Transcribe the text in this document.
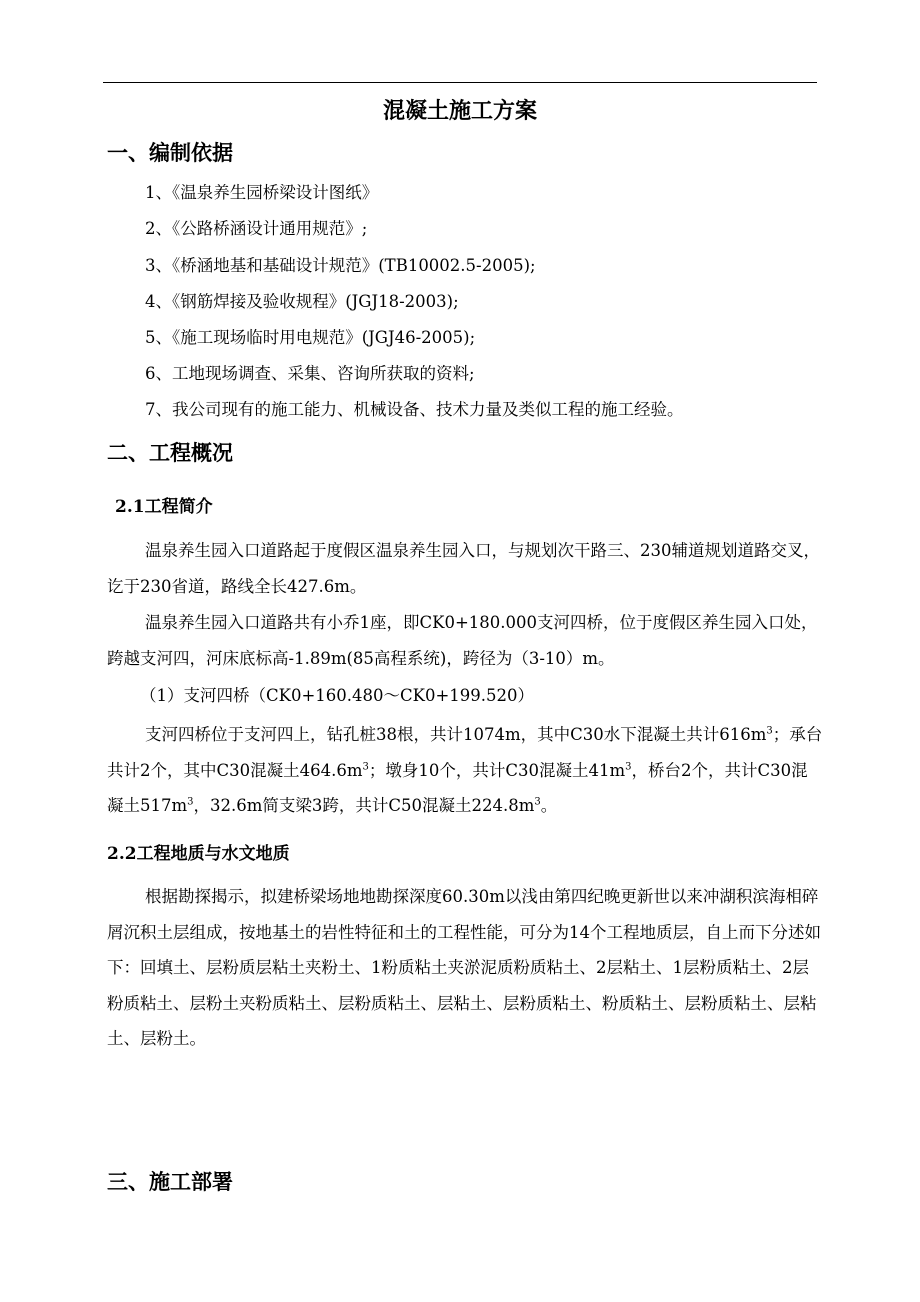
混凝土施工方案
一、编制依据
1、《温泉养生园桥梁设计图纸》
2、《公路桥涵设计通用规范》;
3、《桥涵地基和基础设计规范》(TB10002.5-2005);
4、《钢筋焊接及验收规程》(JGJ18-2003);
5、《施工现场临时用电规范》(JGJ46-2005);
6、工地现场调查、采集、咨询所获取的资料;
7、我公司现有的施工能力、机械设备、技术力量及类似工程的施工经验。
二、工程概况
2.1工程简介
温泉养生园入口道路起于度假区温泉养生园入口，与规划次干路三、230辅道规划道路交叉，讫于230省道，路线全长427.6m。
温泉养生园入口道路共有小乔1座，即CK0+180.000支河四桥，位于度假区养生园入口处，跨越支河四，河床底标高-1.89m(85高程系统)，跨径为（3-10）m。
（1）支河四桥（CK0+160.480～CK0+199.520）
支河四桥位于支河四上，钻孔桩38根，共计1074m，其中C30水下混凝土共计$616m^3$；承台共计2个，其中C30混凝土$464.6m^3$；墩身10个，共计C30混凝土$41m^3$，桥台2个，共计C30混凝土$517m^3$，32.6m简支梁3跨，共计C50混凝土$224.8m^3$。
2.2工程地质与水文地质
根据勘探揭示，拟建桥梁场地地勘探深度60.30m以浅由第四纪晚更新世以来冲湖积滨海相碎屑沉积土层组成，按地基土的岩性特征和土的工程性能，可分为14个工程地质层，自上而下分述如下：回填土、层粉质层粘土夹粉土、1粉质粘土夹淤泥质粉质粘土、2层粘土、1层粉质粘土、2层粉质粘土、层粉土夹粉质粘土、层粉质粘土、层粘土、层粉质粘土、粉质粘土、层粉质粘土、层粘土、层粉土。
三、施工部署
